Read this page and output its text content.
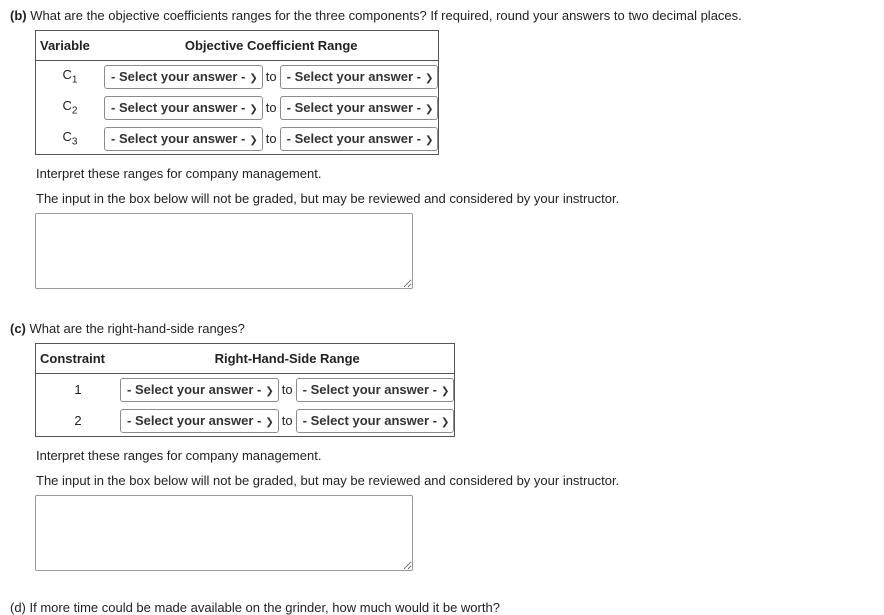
(b) What are the objective coefficients ranges for the three components? If required, round your answers to two decimal places.
Variable	Objective Coefficient Range
$C_1$	- Select your answer - ❯ to - Select your answer - ❯
$C_2$	- Select your answer - ❯ to - Select your answer - ❯
$C_3$	- Select your answer - ❯ to - Select your answer - ❯
Interpret these ranges for company management.
The input in the box below will not be graded, but may be reviewed and considered by your instructor.
(c) What are the right-hand-side ranges?
Constraint	Right-Hand-Side Range
1	- Select your answer - ❯ to - Select your answer - ❯
2	- Select your answer - ❯ to - Select your answer - ❯
Interpret these ranges for company management.
The input in the box below will not be graded, but may be reviewed and considered by your instructor.
(d) If more time could be made available on the grinder, how much would it be worth?
